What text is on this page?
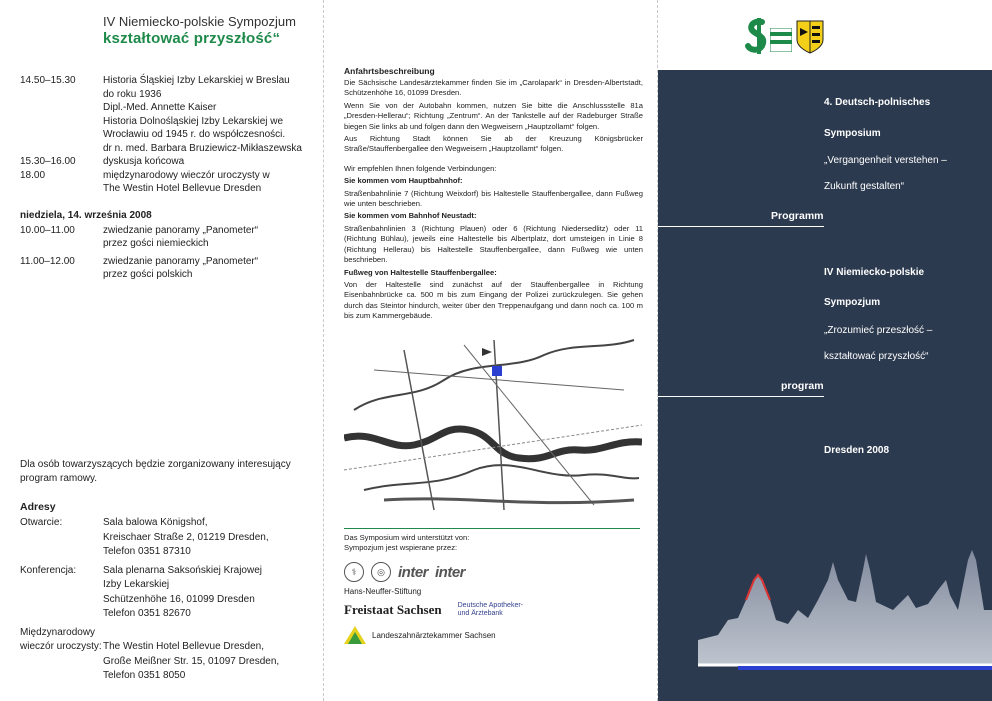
IV Niemiecko-polskie Sympozjum
kształtować przyszłość“
14.50–15.30	Historia Śląskiej Izby Lekarskiej w Breslau
do roku 1936
Dipl.-Med. Annette Kaiser
Historia Dolnośląskiej Izby Lekarskiej we
Wrocławiu od 1945 r. do współczesności.
dr n. med. Barbara Bruziewicz-Mikłaszewska
15.30–16.00	dyskusja końcowa
18.00	międzynarodowy wieczór uroczysty w
The Westin Hotel Bellevue Dresden
niedziela, 14. września 2008
10.00–11.00	zwiedzanie panoramy „Panometer“
przez gości niemieckich
11.00–12.00	zwiedzanie panoramy „Panometer“
przez gości polskich
Dla osób towarzyszących będzie zorganizowany interesujący program ramowy.
Adresy
Otwarcie:	Sala balowa Königshof,
Kreischaer Straße 2, 01219 Dresden,
Telefon 0351 87310
Konferencja:	Sala plenarna Saksońskiej Krajowej
Izby Lekarskiej
Schützenhöhe 16, 01099 Dresden
Telefon 0351 82670
Międzynarodowy
wieczór uroczysty: The Westin Hotel Bellevue Dresden,
Große Meißner Str. 15, 01097 Dresden,
Telefon 0351 8050
Anfahrtsbeschreibung

Die Sächsische Landesärztekammer finden Sie im „Carolapark“ in Dresden-Albertstadt, Schützenhöhe 16, 01099 Dresden.

Wenn Sie von der Autobahn kommen, nutzen Sie bitte die Anschlussstelle 81a „Dresden-Hellerau“; Richtung „Zentrum“. An der Tankstelle auf der Radeburger Straße biegen Sie links ab und folgen dann den Wegweisern „Hauptzollamt“ folgen.

Aus Richtung Stadt können Sie ab der Kreuzung Königsbrücker Straße/Stauffenbergallee den Wegweisern „Hauptzollamt“ folgen.

Wir empfehlen Ihnen folgende Verbindungen:

Sie kommen vom Hauptbahnhof:

Straßenbahnlinie 7 (Richtung Weixdorf) bis Haltestelle Stauffenbergallee, dann Fußweg wie unten beschrieben.

Sie kommen vom Bahnhof Neustadt:

Straßenbahnlinien 3 (Richtung Plauen) oder 6 (Richtung Niedersedlitz) oder 11 (Richtung Bühlau), jeweils eine Haltestelle bis Albertplatz, dort umsteigen in Linie 8 (Richtung Hellerau) bis Haltestelle Stauffenbergallee, dann Fußweg wie unten beschrieben.

Fußweg von Haltestelle Stauffenbergallee:

Von der Haltestelle sind zunächst auf der Stauffenbergallee in Richtung Eisenbahnbrücke ca. 500 m bis zum Eingang der Polizei zurückzulegen. Sie gehen durch das Steintor hindurch, weiter über den Treppenaufgang und dann noch ca. 100 m bis zum Kammergebäude.

Das Symposium wird unterstützt von:
Sympozjum jest wspierane przez:
⚕	◎ inter inter
Hans-Neuffer-Stiftung
Freistaat Sachsen Deutsche Apotheker- und Ärztebank
Landeszahnärztekammer Sachsen
4. Deutsch-polnisches
Symposium
„Vergangenheit verstehen –
Zukunft gestalten“
Programm
IV Niemiecko-polskie
Sympozjum
„Zrozumieć przeszłość –
kształtować przyszłość“
program
Dresden 2008
